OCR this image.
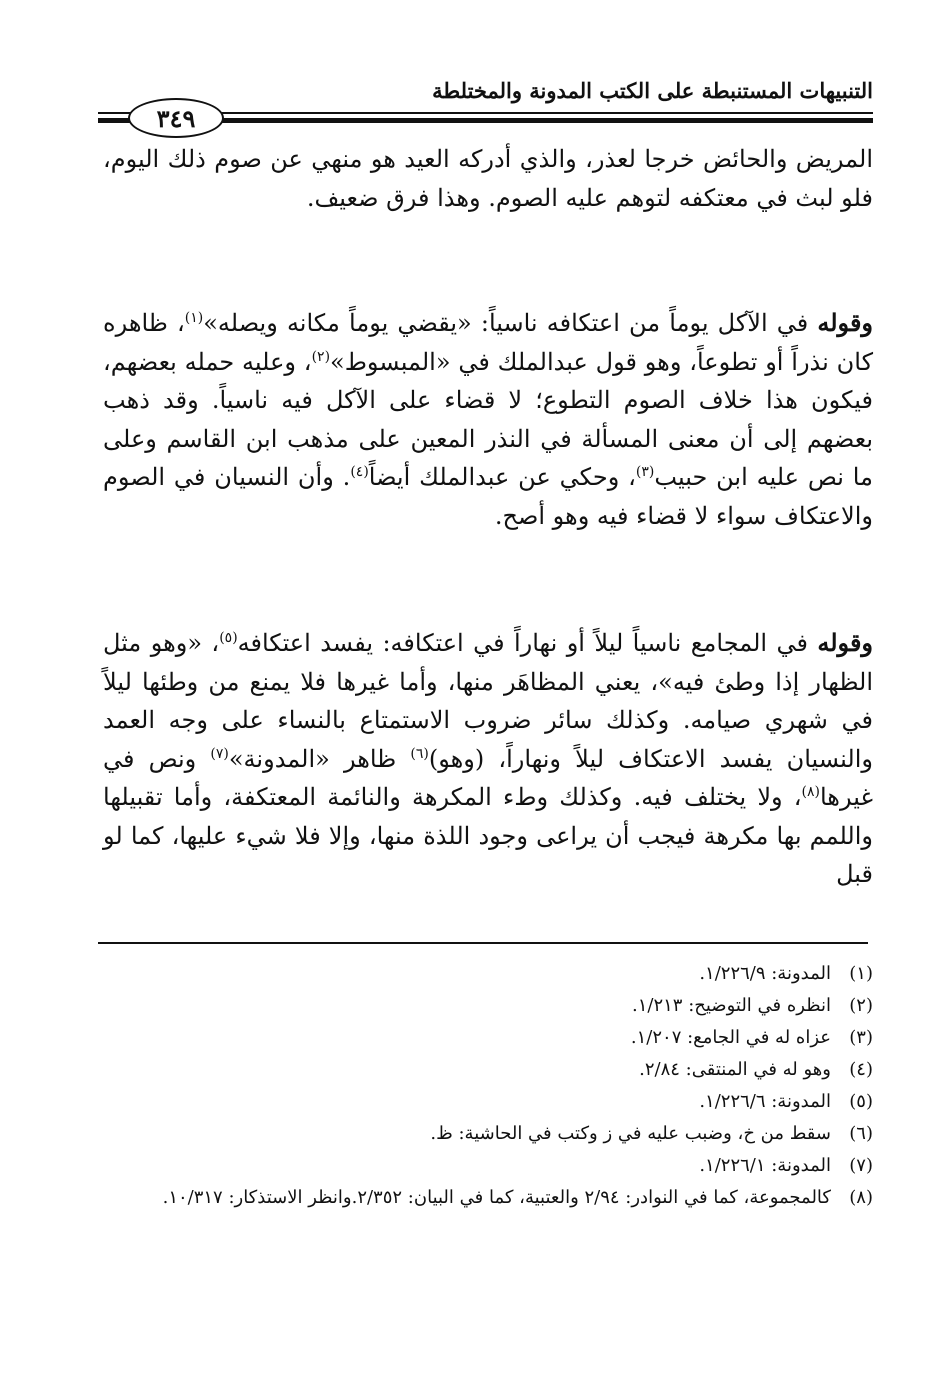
التنبيهات المستنبطة على الكتب المدونة والمختلطة
٣٤٩

المريض والحائض خرجا لعذر، والذي أدركه العيد هو منهي عن صوم ذلك اليوم، فلو لبث في معتكفه لتوهم عليه الصوم. وهذا فرق ضعيف.

وقوله في الآكل يوماً من اعتكافه ناسياً: «يقضي يوماً مكانه ويصله»$^{(١)}$، ظاهره كان نذراً أو تطوعاً، وهو قول عبدالملك في «المبسوط»$^{(٢)}$، وعليه حمله بعضهم، فيكون هذا خلاف الصوم التطوع؛ لا قضاء على الآكل فيه ناسياً. وقد ذهب بعضهم إلى أن معنى المسألة في النذر المعين على مذهب ابن القاسم وعلى ما نص عليه ابن حبيب$^{(٣)}$، وحكي عن عبدالملك أيضاً$^{(٤)}$. وأن النسيان في الصوم والاعتكاف سواء لا قضاء فيه وهو أصح.

وقوله في المجامع ناسياً ليلاً أو نهاراً في اعتكافه: يفسد اعتكافه$^{(٥)}$، «وهو مثل الظهار إذا وطئ فيه»، يعني المظاهَر منها، وأما غيرها فلا يمنع من وطئها ليلاً في شهري صيامه. وكذلك سائر ضروب الاستمتاع بالنساء على وجه العمد والنسيان يفسد الاعتكاف ليلاً ونهاراً، (وهو)$^{(٦)}$ ظاهر «المدونة»$^{(٧)}$ ونص في غيرها$^{(٨)}$، ولا يختلف فيه. وكذلك وطء المكرهة والنائمة المعتكفة، وأما تقبيلها واللمم بها مكرهة فيجب أن يراعى وجود اللذة منها، وإلا فلا شيء عليها، كما لو قبل

(١)
المدونة: ١/٢٢٦/٩.
(٢)
انظره في التوضيح: ١/٢١٣.
(٣)
عزاه له في الجامع: ١/٢٠٧.
(٤)
وهو له في المنتقى: ٢/٨٤.
(٥)
المدونة: ١/٢٢٦/٦.
(٦)
سقط من خ، وضبب عليه في ز وكتب في الحاشية: ظ.
(٧)
المدونة: ١/٢٢٦/١.
(٨)
كالمجموعة، كما في النوادر: ٢/٩٤ والعتبية، كما في البيان: ٢/٣٥٢.وانظر الاستذكار: ١٠/٣١٧.
